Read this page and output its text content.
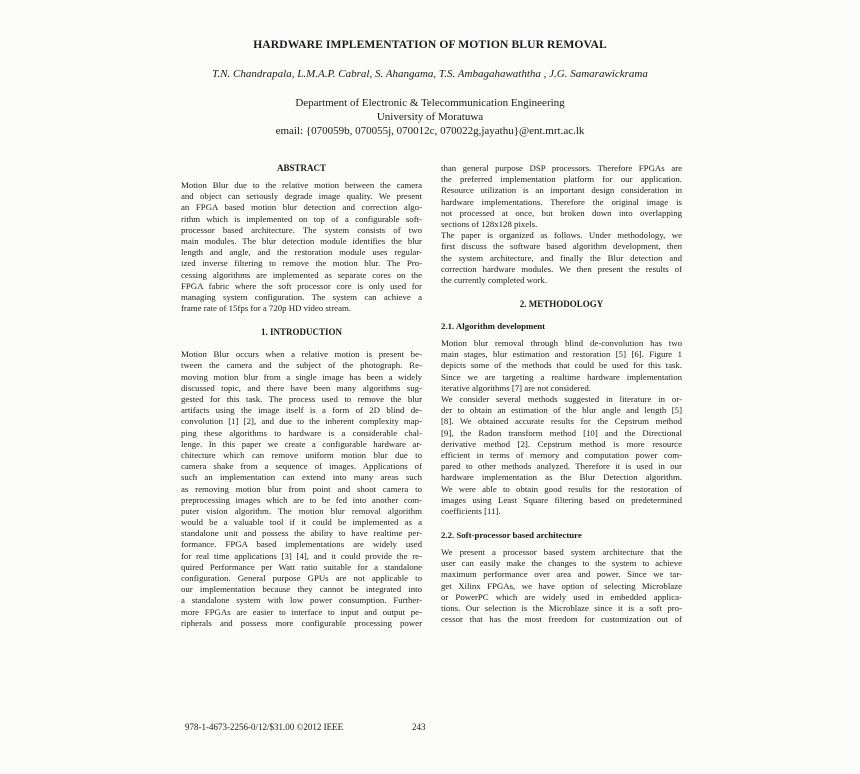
HARDWARE IMPLEMENTATION OF MOTION BLUR REMOVAL
T.N. Chandrapala, L.M.A.P. Cabral, S. Ahangama, T.S. Ambagahawaththa , J.G. Samarawickrama
Department of Electronic & Telecommunication Engineering
University of Moratuwa
email: {070059b, 070055j, 070012c, 070022g,jayathu}@ent.mrt.ac.lk
ABSTRACT
Motion Blur due to the relative motion between the camera
and object can seriously degrade image quality. We present
an FPGA based motion blur detection and correction algo-
rithm which is implemented on top of a configurable soft-
processor based architecture. The system consists of two
main modules. The blur detection module identifies the blur
length and angle, and the restoration module uses regular-
ized inverse filtering to remove the motion blur. The Pro-
cessing algorithms are implemented as separate cores on the
FPGA fabric where the soft processor core is only used for
managing system configuration. The system can achieve a
frame rate of 15fps for a 720p HD video stream.
1. INTRODUCTION
Motion Blur occurs when a relative motion is present be-
tween the camera and the subject of the photograph. Re-
moving motion blur from a single image has been a widely
discussed topic, and there have been many algorithms sug-
gested for this task. The process used to remove the blur
artifacts using the image itself is a form of 2D blind de-
convolution [1] [2], and due to the inherent complexity map-
ping these algorithms to hardware is a considerable chal-
lenge. In this paper we create a configurable hardware ar-
chitecture which can remove uniform motion blur due to
camera shake from a sequence of images. Applications of
such an implementation can extend into many areas such
as removing motion blur from point and shoot camera to
preprocessing images which are to be fed into another com-
puter vision algorithm. The motion blur removal algorithm
would be a valuable tool if it could be implemented as a
standalone unit and possess the ability to have realtime per-
formance. FPGA based implementations are widely used
for real time applications [3] [4], and it could provide the re-
quired Performance per Watt ratio suitable for a standalone
configuration. General purpose GPUs are not applicable to
our implementation because they cannot be integrated into
a standalone system with low power consumption. Further-
more FPGAs are easier to interface to input and output pe-
ripherals and possess more configurable processing power
than general purpose DSP processors. Therefore FPGAs are
the preferred implementation platform for our application.
Resource utilization is an important design consideration in
hardware implementations. Therefore the original image is
not processed at once, but broken down into overlapping
sections of 128x128 pixels.
The paper is organized as follows. Under methodology, we
first discuss the software based algorithm development, then
the system architecture, and finally the Blur detection and
correction hardware modules. We then present the results of
the currently completed work.
2. METHODOLOGY
2.1. Algorithm development
Motion blur removal through blind de-convolution has two
main stages, blur estimation and restoration [5] [6]. Figure 1
depicts some of the methods that could be used for this task.
Since we are targeting a realtime hardware implementation
iterative algorithms [7] are not considered.
We consider several methods suggested in literature in or-
der to obtain an estimation of the blur angle and length [5]
[8]. We obtained accurate results for the Cepstrum method
[9], the Radon transform method [10] and the Directional
derivative method [2]. Cepstrum method is more resource
efficient in terms of memory and computation power com-
pared to other methods analyzed. Therefore it is used in our
hardware implementation as the Blur Detection algorithm.
We were able to obtain good results for the restoration of
images using Least Square filtering based on predetermined
coefficients [11].
2.2. Soft-processor based architecture
We present a processor based system architecture that the
user can easily make the changes to the system to achieve
maximum performance over area and power. Since we tar-
get Xilinx FPGAs, we have option of selecting Microblaze
or PowerPC which are widely used in embedded applica-
tions. Our selection is the Microblaze since it is a soft pro-
cessor that has the most freedom for customization out of
978-1-4673-2256-0/12/$31.00 ©2012 IEEE	243
